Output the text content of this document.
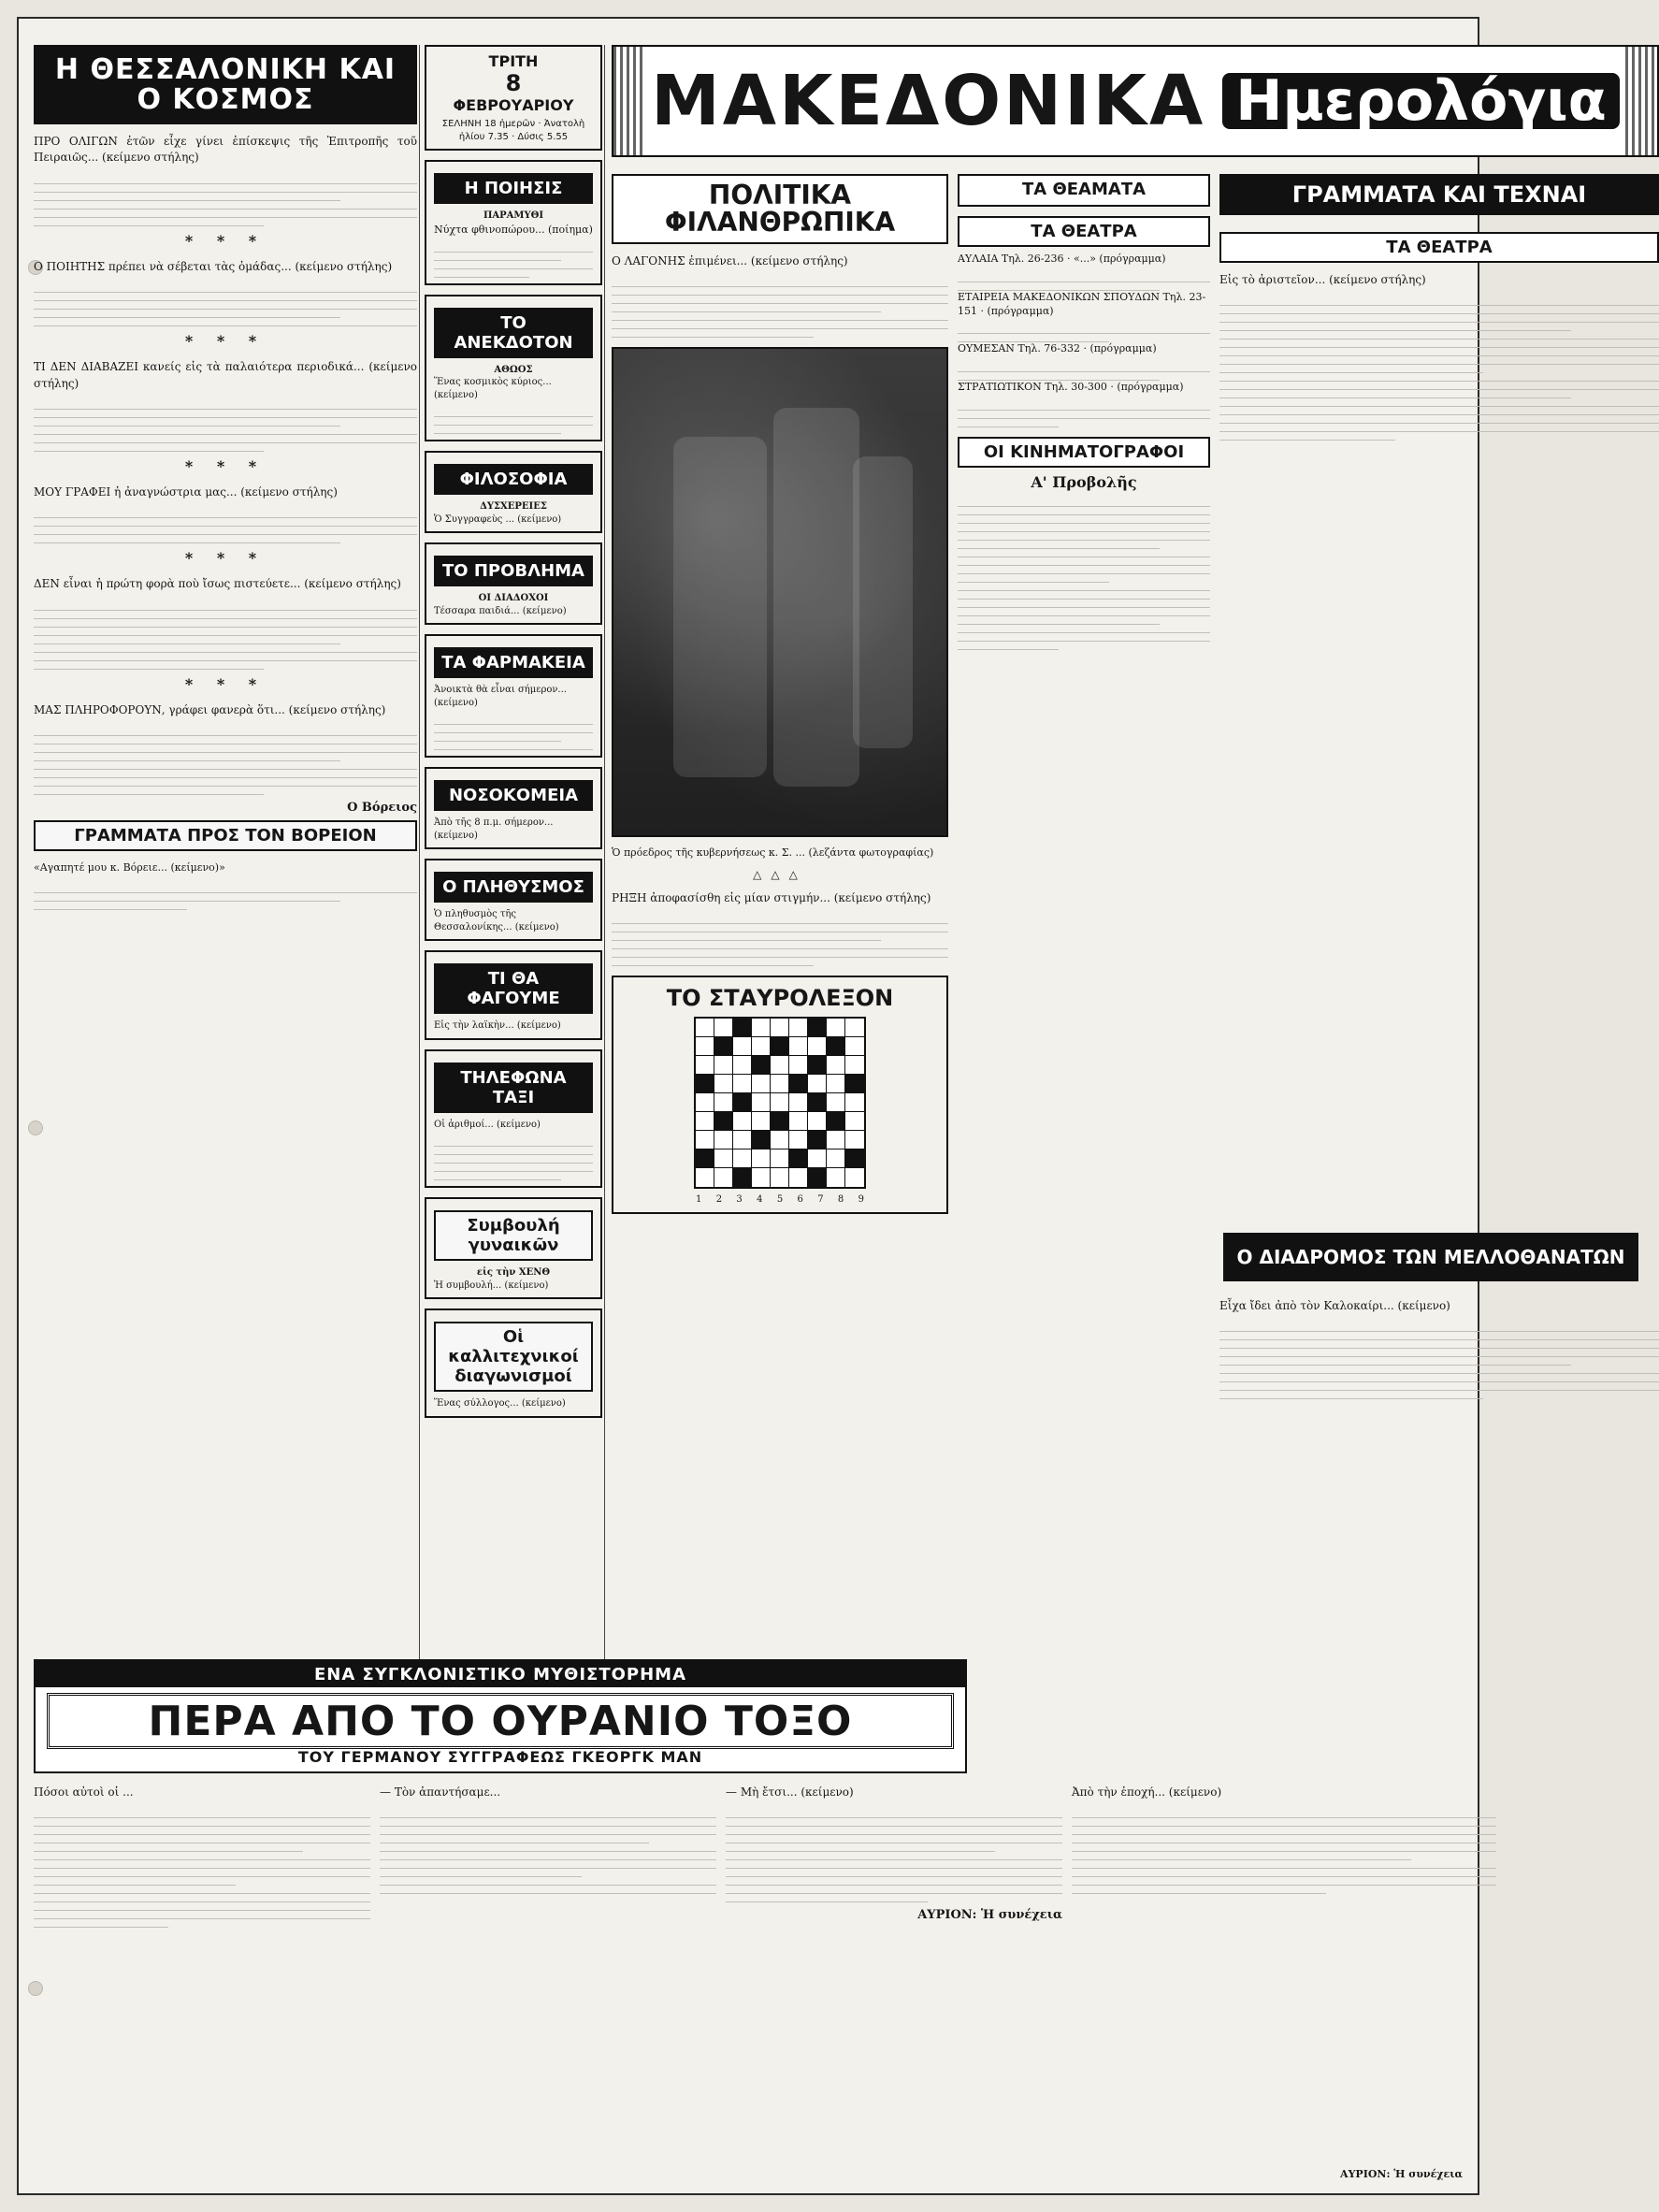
Η ΘΕΣΣΑΛΟΝΙΚΗ ΚΑΙ Ο ΚΟΣΜΟΣ
ΠΡΟ ΟΛΙΓΩΝ ἐτῶν εἶχε γίνει ἐπίσκεψις τῆς Ἐπιτροπῆς τοῦ Πειραιῶς... (κείμενο στήλης)
* * *
Ο ΠΟΙΗΤΗΣ πρέπει νὰ σέβεται τὰς ὁμάδας... (κείμενο στήλης)
* * *
ΤΙ ΔΕΝ ΔΙΑΒΑΖΕΙ κανείς εἰς τὰ παλαιότερα περιοδικά... (κείμενο στήλης)
* * *
ΜΟΥ ΓΡΑΦΕΙ ἡ ἀναγνώστρια μας... (κείμενο στήλης)
* * *
ΔΕΝ εἶναι ἡ πρώτη φορὰ ποὺ ἴσως πιστεύετε... (κείμενο στήλης)
* * *
ΜΑΣ ΠΛΗΡΟΦΟΡΟΥΝ, γράφει φανερὰ ὅτι... (κείμενο στήλης)
Ο Βόρειος
ΓΡΑΜΜΑΤΑ ΠΡΟΣ ΤΟΝ ΒΟΡΕΙΟΝ
«Αγαπητέ μου κ. Βόρειε... (κείμενο)»
ΤΡΙΤΗ
8
ΦΕΒΡΟΥΑΡΙΟΥ
ΣΕΛΗΝΗ 18 ἡμερῶν · Ἀνατολὴ ἡλίου 7.35 · Δύσις 5.55
Η ΠΟΙΗΣΙΣ
ΠΑΡΑΜΥΘΙ
Νύχτα φθινοπώρου... (ποίημα)
ΤΟ ΑΝΕΚΔΟΤΟΝ
ΑΘΩΟΣ
Ἕνας κοσμικὸς κύριος... (κείμενο)
ΦΙΛΟΣΟΦΙΑ
ΔΥΣΧΕΡΕΙΕΣ
Ὁ Συγγραφεὺς ... (κείμενο)
ΤΟ ΠΡΟΒΛΗΜΑ
ΟΙ ΔΙΑΔΟΧΟΙ
Τέσσαρα παιδιά... (κείμενο)
ΤΑ ΦΑΡΜΑΚΕΙΑ
Ἀνοικτὰ θὰ εἶναι σήμερον... (κείμενο)
ΝΟΣΟΚΟΜΕΙΑ
Ἀπὸ τῆς 8 π.μ. σήμερον... (κείμενο)
Ο ΠΛΗΘΥΣΜΟΣ
Ὁ πληθυσμὸς τῆς Θεσσαλονίκης... (κείμενο)
ΤΙ ΘΑ ΦΑΓΟΥΜΕ
Εἰς τὴν λαϊκὴν... (κείμενο)
ΤΗΛΕΦΩΝΑ ΤΑΞΙ
Οἱ ἀριθμοί... (κείμενο)
Συμβουλή γυναικῶν
εἰς τὴν ΧΕΝΘ
Ἡ συμβουλή... (κείμενο)
Οἱ καλλιτεχνικοί διαγωνισμοί
Ἕνας σύλλογος... (κείμενο)
ΜΑΚΕΔΟΝΙΚΑ Ημερολόγια
ΠΟΛΙΤΙΚΑ ΦΙΛΑΝΘΡΩΠΙΚΑ
Ο ΛΑΓΟΝΗΣ ἐπιμένει... (κείμενο στήλης)
Ὁ πρόεδρος τῆς κυβερνήσεως κ. Σ. ... (λεζάντα φωτογραφίας)
△△△
ΡΗΞΗ ἀποφασίσθη εἰς μίαν στιγμήν... (κείμενο στήλης)
ΤΟ ΣΤΑΥΡΟΛΕΞΟΝ
1 2 3 4 5 6 7 8 9
ΤΑ ΘΕΑΜΑΤΑ
ΤΑ ΘΕΑΤΡΑ
ΑΥΛΑΙΑ Τηλ. 26-236 · «...» (πρόγραμμα)
ΕΤΑΙΡΕΙΑ ΜΑΚΕΔΟΝΙΚΩΝ ΣΠΟΥΔΩΝ Τηλ. 23-151 · (πρόγραμμα)
ΟΥΜΕΣΑΝ Τηλ. 76-332 · (πρόγραμμα)
ΣΤΡΑΤΙΩΤΙΚΟΝ Τηλ. 30-300 · (πρόγραμμα)
ΟΙ ΚΙΝΗΜΑΤΟΓΡΑΦΟΙ
Α' Προβολῆς
ΓΡΑΜΜΑΤΑ ΚΑΙ ΤΕΧΝΑΙ
ΤΑ ΘΕΑΤΡΑ
Εἰς τὸ ἀριστεῖον... (κείμενο στήλης)
Ο ΔΙΑΔΡΟΜΟΣ ΤΩΝ ΜΕΛΛΟΘΑΝΑΤΩΝ
Εἶχα ἴδει ἀπὸ τὸν Καλοκαίρι... (κείμενο)
ΕΝΑ ΣΥΓΚΛΟΝΙΣΤΙΚΟ ΜΥΘΙΣΤΟΡΗΜΑ
ΠΕΡΑ ΑΠΟ ΤΟ ΟΥΡΑΝΙΟ ΤΟΞΟ
ΤΟΥ ΓΕΡΜΑΝΟΥ ΣΥΓΓΡΑΦΕΩΣ ΓΚΕΟΡΓΚ ΜΑΝ
Πόσοι αὐτοὶ οἱ ...	— Τὸν ἀπαντήσαμε...	— Μὴ ἔτσι... (κείμενο)
ΑΥΡΙΟΝ: Ἡ συνέχεια
Ἀπὸ τὴν ἐποχή... (κείμενο)
ΑΥΡΙΟΝ: Ἡ συνέχεια
